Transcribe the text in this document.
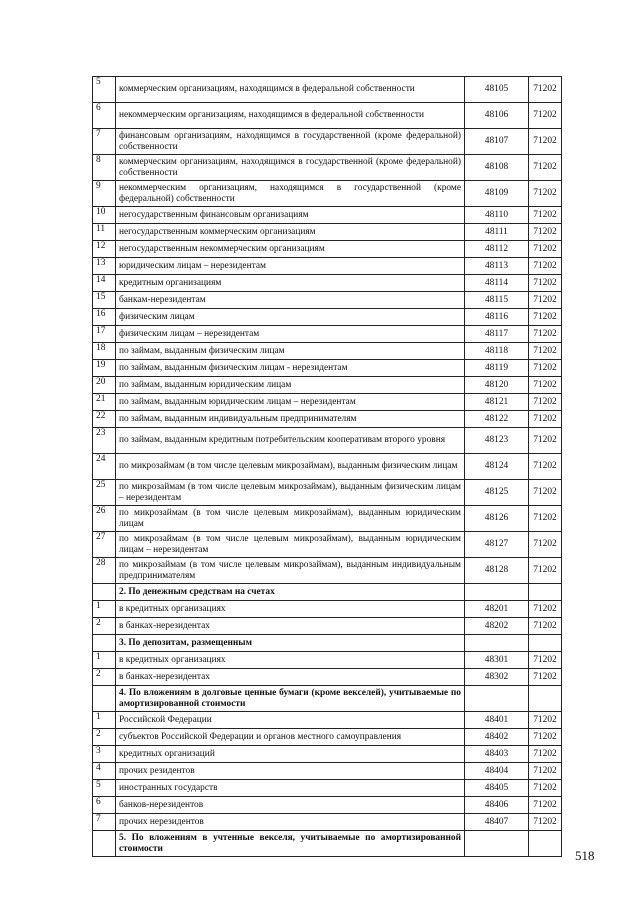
5	коммерческим организациям, находящимся в федеральной собственности	48105	71202
6	некоммерческим организациям, находящимся в федеральной собственности	48106	71202
7	финансовым организациям, находящимся в государственной (кроме федеральной) собственности	48107	71202
8	коммерческим организациям, находящимся в государственной (кроме федеральной) собственности	48108	71202
9	некоммерческим организациям, находящимся в государственной (кроме федеральной) собственности	48109	71202
10	негосударственным финансовым организациям	48110	71202
11	негосударственным коммерческим организациям	48111	71202
12	негосударственным некоммерческим организациям	48112	71202
13	юридическим лицам – нерезидентам	48113	71202
14	кредитным организациям	48114	71202
15	банкам-нерезидентам	48115	71202
16	физическим лицам	48116	71202
17	физическим лицам – нерезидентам	48117	71202
18	по займам, выданным физическим лицам	48118	71202
19	по займам, выданным физическим лицам - нерезидентам	48119	71202
20	по займам, выданным юридическим лицам	48120	71202
21	по займам, выданным юридическим лицам – нерезидентам	48121	71202
22	по займам, выданным индивидуальным предпринимателям	48122	71202
23	по займам, выданным кредитным потребительским кооперативам второго уровня	48123	71202
24	по микрозаймам (в том числе целевым микрозаймам), выданным физическим лицам	48124	71202
25	по микрозаймам (в том числе целевым микрозаймам), выданным физическим лицам – нерезидентам	48125	71202
26	по микрозаймам (в том числе целевым микрозаймам), выданным юридическим лицам	48126	71202
27	по микрозаймам (в том числе целевым микрозаймам), выданным юридическим лицам – нерезидентам	48127	71202
28	по микрозаймам (в том числе целевым микрозаймам), выданным индивидуальным предпринимателям	48128	71202
	2. По денежным средствам на счетах		
1	в кредитных организациях	48201	71202
2	в банках-нерезидентах	48202	71202
	3. По депозитам, размещенным		
1	в кредитных организациях	48301	71202
2	в банках-нерезидентах	48302	71202
	4. По вложениям в долговые ценные бумаги (кроме векселей), учитываемые по амортизированной стоимости		
1	Российской Федерации	48401	71202
2	субъектов Российской Федерации и органов местного самоуправления	48402	71202
3	кредитных организаций	48403	71202
4	прочих резидентов	48404	71202
5	иностранных государств	48405	71202
6	банков-нерезидентов	48406	71202
7	прочих нерезидентов	48407	71202
	5. По вложениям в учтенные векселя, учитываемые по амортизированной стоимости			518
